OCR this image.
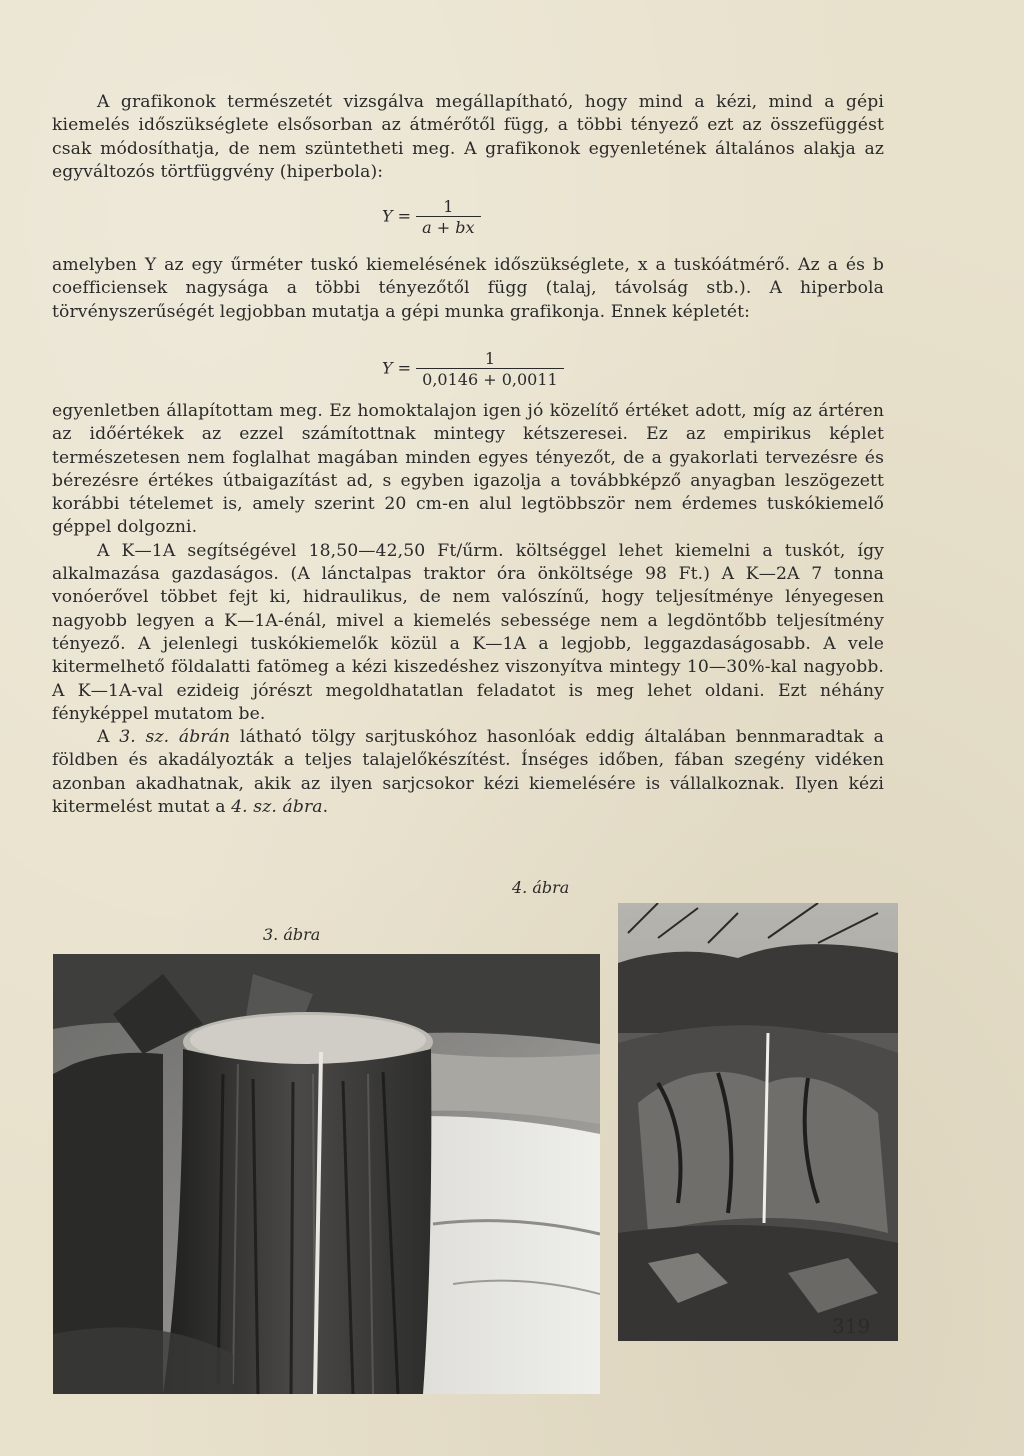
A grafikonok természetét vizsgálva megállapítható, hogy mind a kézi, mind a gépi kiemelés időszükséglete elsősorban az átmérőtől függ, a többi tényező ezt az összefüggést csak módosíthatja, de nem szüntetheti meg. A grafikonok egyenletének általános alakja az egyváltozós törtfüggvény (hiperbola):

$Y = \frac{1}{a + bx}$

amelyben Y az egy űrméter tuskó kiemelésének időszükséglete, x a tuskóátmérő. Az a és b coefficiensek nagysága a többi tényezőtől függ (talaj, távolság stb.). A hiperbola törvényszerűségét legjobban mutatja a gépi munka grafikonja. Ennek képletét:

$Y = \frac{1}{0,0146 + 0,0011}$

egyenletben állapítottam meg. Ez homoktalajon igen jó közelítő értéket adott, míg az ártéren az időértékek az ezzel számítottnak mintegy kétszeresei. Ez az empirikus képlet természetesen nem foglalhat magában minden egyes tényezőt, de a gyakorlati tervezésre és bérezésre értékes útbaigazítást ad, s egyben igazolja a továbbképző anyagban leszögezett korábbi tételemet is, amely szerint 20 cm-en alul legtöbbször nem érdemes tuskókiemelő géppel dolgozni.

A K—1A segítségével 18,50—42,50 Ft/űrm. költséggel lehet kiemelni a tuskót, így alkalmazása gazdaságos. (A lánctalpas traktor óra önköltsége 98 Ft.) A K—2A 7 tonna vonóerővel többet fejt ki, hidraulikus, de nem valószínű, hogy teljesítménye lényegesen nagyobb legyen a K—1A-énál, mivel a kiemelés sebessége nem a legdöntőbb teljesítmény tényező. A jelenlegi tuskókiemelők közül a K—1A a legjobb, leggazdaságosabb. A vele kitermelhető földalatti fatömeg a kézi kiszedéshez viszonyítva mintegy 10—30%-kal nagyobb. A K—1A-val ezideig jórészt megoldhatatlan feladatot is meg lehet oldani. Ezt néhány fényképpel mutatom be.

A 3. sz. ábrán látható tölgy sarjtuskóhoz hasonlóak eddig általában bennmaradtak a földben és akadályozták a teljes talajelőkészítést. Ínséges időben, fában szegény vidéken azonban akadhatnak, akik az ilyen sarjcsokor kézi kiemelésére is vállalkoznak. Ilyen kézi kitermelést mutat a 4. sz. ábra.

4. ábra
3. ábra
319
